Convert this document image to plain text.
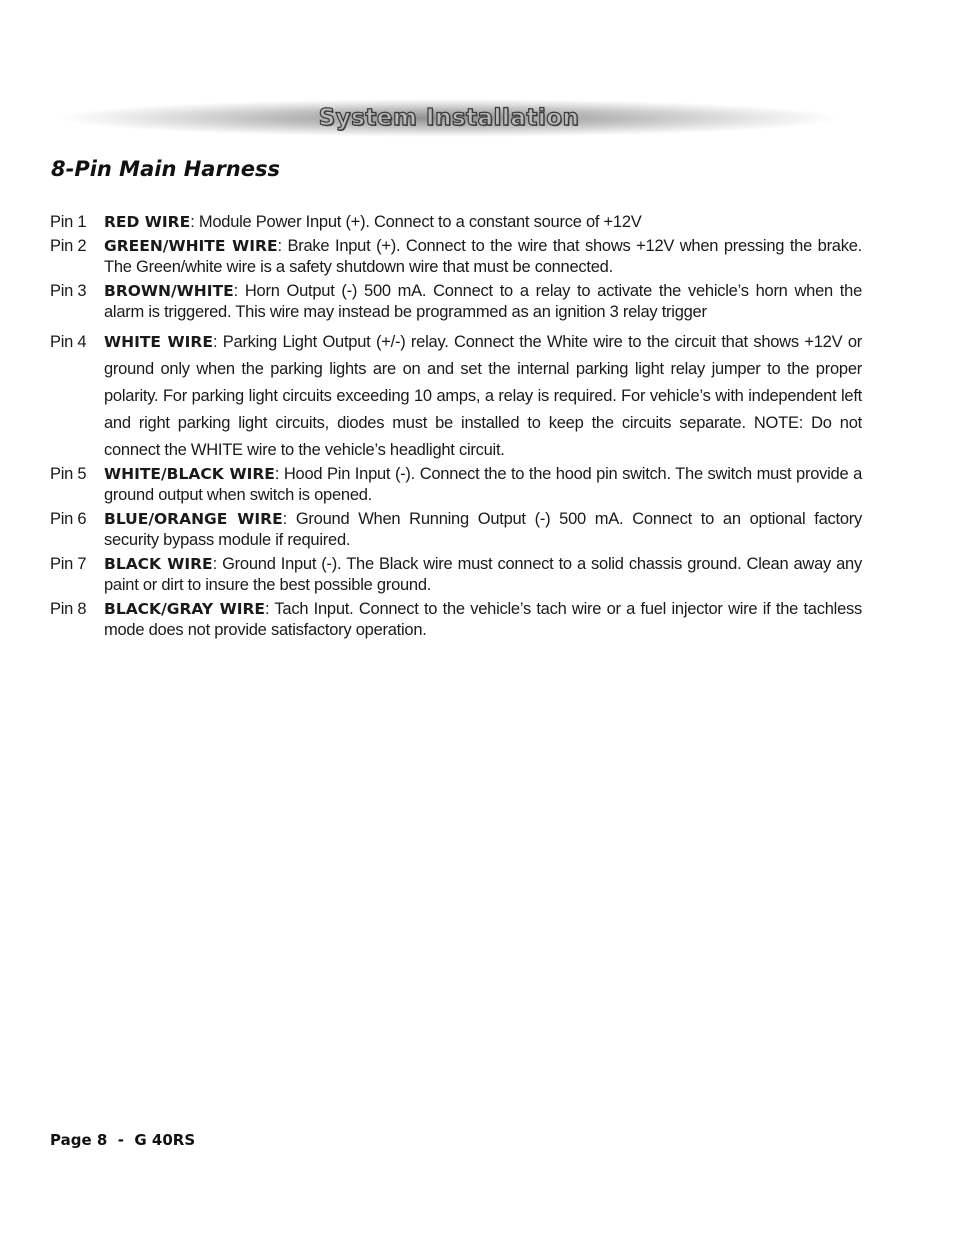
System Installation
8-Pin Main Harness
Pin 1	RED WIRE: Module Power Input (+). Connect to a constant source of +12V
Pin 2	GREEN/WHITE WIRE: Brake Input (+). Connect to the wire that shows +12V when pressing the brake. The Green/white wire is a safety shutdown wire that must be connected.
Pin 3	BROWN/WHITE: Horn Output (-) 500 mA. Connect to a relay to activate the vehicle’s horn when the alarm is triggered. This wire may instead be programmed as an ignition 3 relay trigger
Pin 4	WHITE WIRE: Parking Light Output (+/-) relay. Connect the White wire to the circuit that shows +12V or ground only when the parking lights are on and set the internal parking light relay jumper to the proper polarity. For parking light circuits exceeding 10 amps, a relay is required. For vehicle’s with independent left and right parking light circuits, diodes must be installed to keep the circuits separate. NOTE: Do not connect the WHITE wire to the vehicle’s headlight circuit.
Pin 5	WHITE/BLACK WIRE: Hood Pin Input (-). Connect the to the hood pin switch. The switch must provide a ground output when switch is opened.
Pin 6	BLUE/ORANGE WIRE: Ground When Running Output (-) 500 mA. Connect to an optional factory security bypass module if required.
Pin 7	BLACK WIRE: Ground Input (-). The Black wire must connect to a solid chassis ground. Clean away any paint or dirt to insure the best possible ground.
Pin 8	BLACK/GRAY WIRE: Tach Input. Connect to the vehicle’s tach wire or a fuel injector wire if the tachless mode does not provide satisfactory operation.
Page 8  -  G 40RS
